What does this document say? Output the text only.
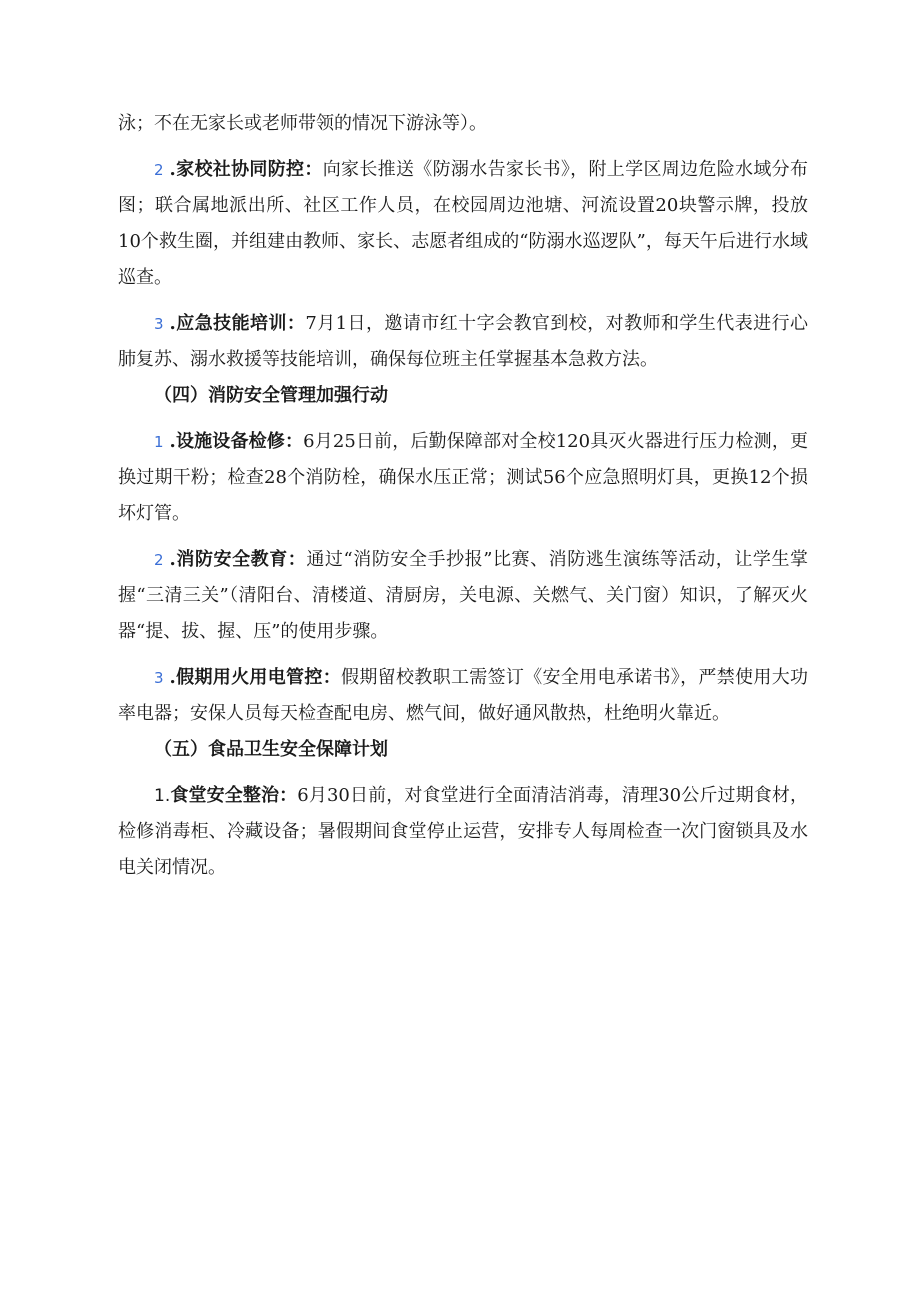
泳；不在无家长或老师带领的情况下游泳等）。

2 .家校社协同防控：向家长推送《防溺水告家长书》，附上学区周边危险水域分布图；联合属地派出所、社区工作人员，在校园周边池塘、河流设置20块警示牌，投放10个救生圈，并组建由教师、家长、志愿者组成的“防溺水巡逻队”，每天午后进行水域巡查。

3 .应急技能培训：7月1日，邀请市红十字会教官到校，对教师和学生代表进行心肺复苏、溺水救援等技能培训，确保每位班主任掌握基本急救方法。

（四）消防安全管理加强行动

1 .设施设备检修：6月25日前，后勤保障部对全校120具灭火器进行压力检测，更换过期干粉；检查28个消防栓，确保水压正常；测试56个应急照明灯具，更换12个损坏灯管。

2 .消防安全教育：通过“消防安全手抄报”比赛、消防逃生演练等活动，让学生掌握“三清三关”（清阳台、清楼道、清厨房，关电源、关燃气、关门窗）知识，了解灭火器“提、拔、握、压”的使用步骤。

3 .假期用火用电管控：假期留校教职工需签订《安全用电承诺书》，严禁使用大功率电器；安保人员每天检查配电房、燃气间，做好通风散热，杜绝明火靠近。

（五）食品卫生安全保障计划

1.食堂安全整治：6月30日前，对食堂进行全面清洁消毒，清理30公斤过期食材，检修消毒柜、冷藏设备；暑假期间食堂停止运营，安排专人每周检查一次门窗锁具及水电关闭情况。
